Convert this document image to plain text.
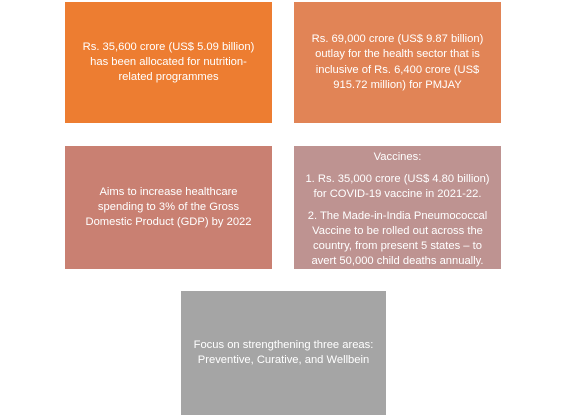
Rs. 35,600 crore (US$ 5.09 billion) has been allocated for nutrition-related programmes
Rs. 69,000 crore (US$ 9.87 billion) outlay for the health sector that is inclusive of Rs. 6,400 crore (US$ 915.72 million) for PMJAY
Aims to increase healthcare spending to 3% of the Gross Domestic Product (GDP) by 2022
Vaccines:
1. Rs. 35,000 crore (US$ 4.80 billion) for COVID-19 vaccine in 2021-22.
2. The Made-in-India Pneumococcal Vaccine to be rolled out across the country, from present 5 states – to avert 50,000 child deaths annually.
Focus on strengthening three areas: Preventive, Curative, and Wellbein
